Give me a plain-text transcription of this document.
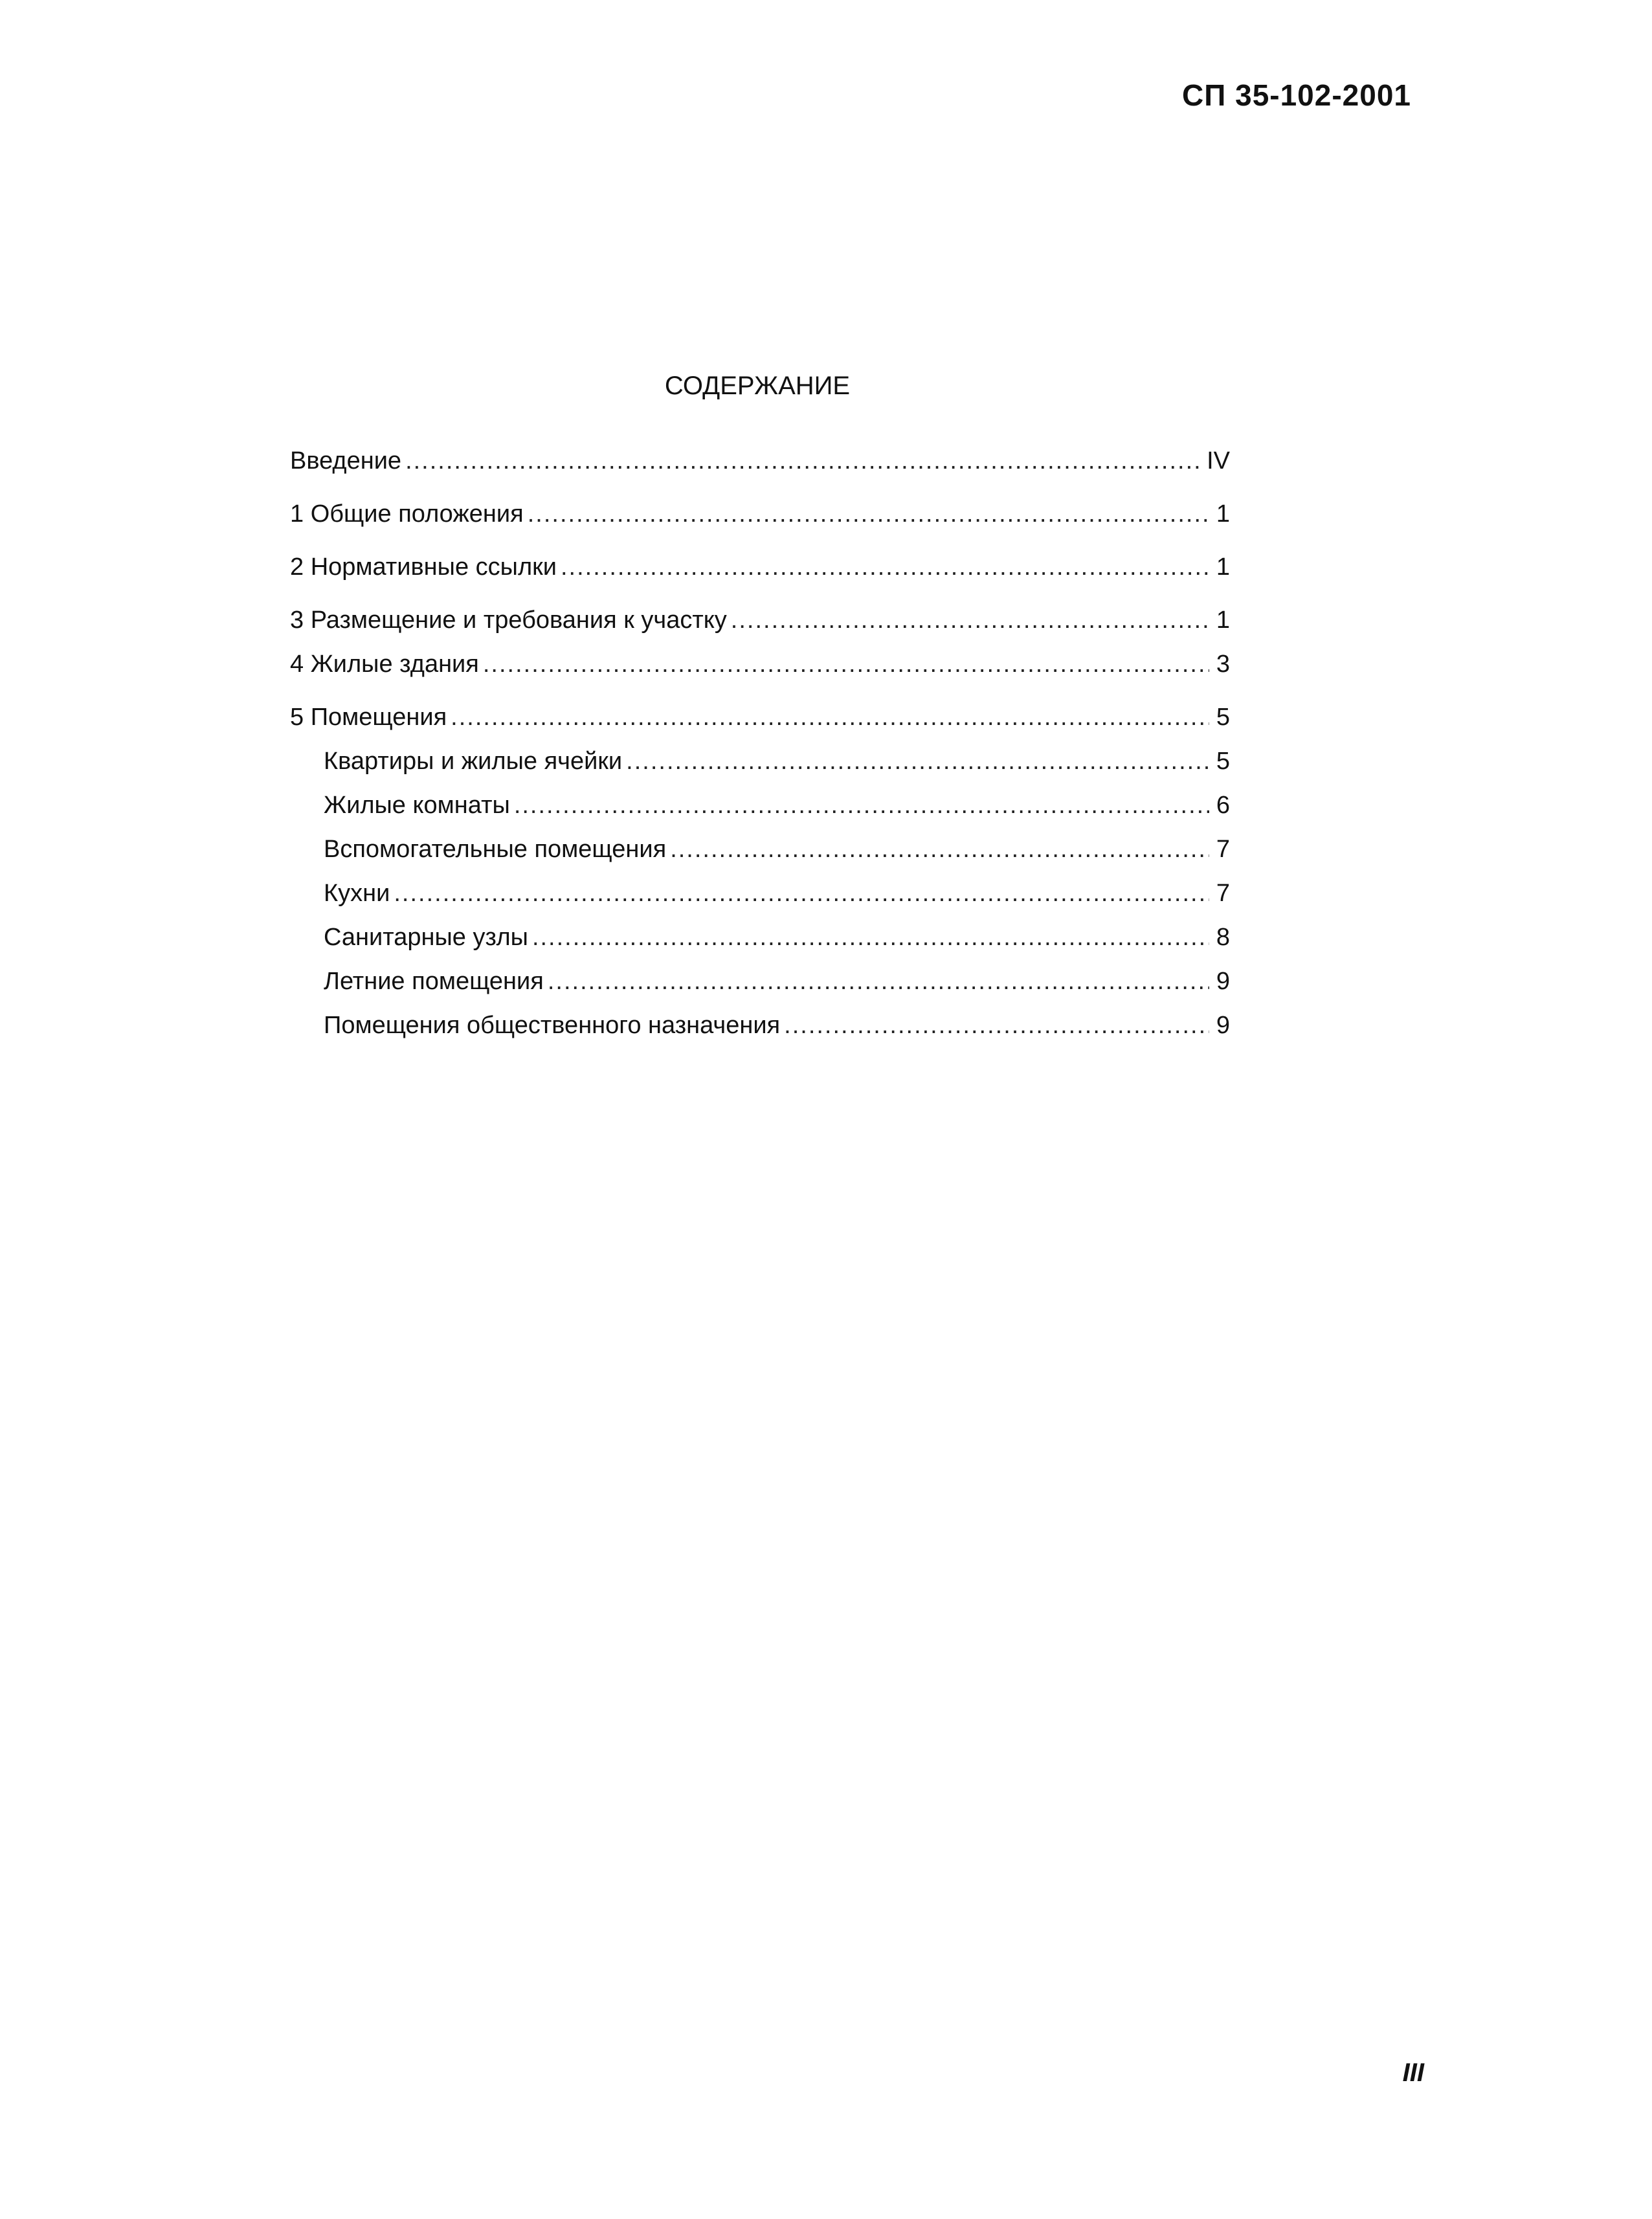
СП 35-102-2001
СОДЕРЖАНИЕ
Введение .....	IV
1 Общие положения .....	1
2 Нормативные ссылки .....	1
3 Размещение и требования к участку .....	1
4 Жилые здания .....	3
5 Помещения .....	5
Квартиры и жилые ячейки .....	5
Жилые комнаты .....	6
Вспомогательные помещения .....	7
Кухни .....	7
Санитарные узлы .....	8
Летние помещения .....	9
Помещения общественного назначения .....	9
III
